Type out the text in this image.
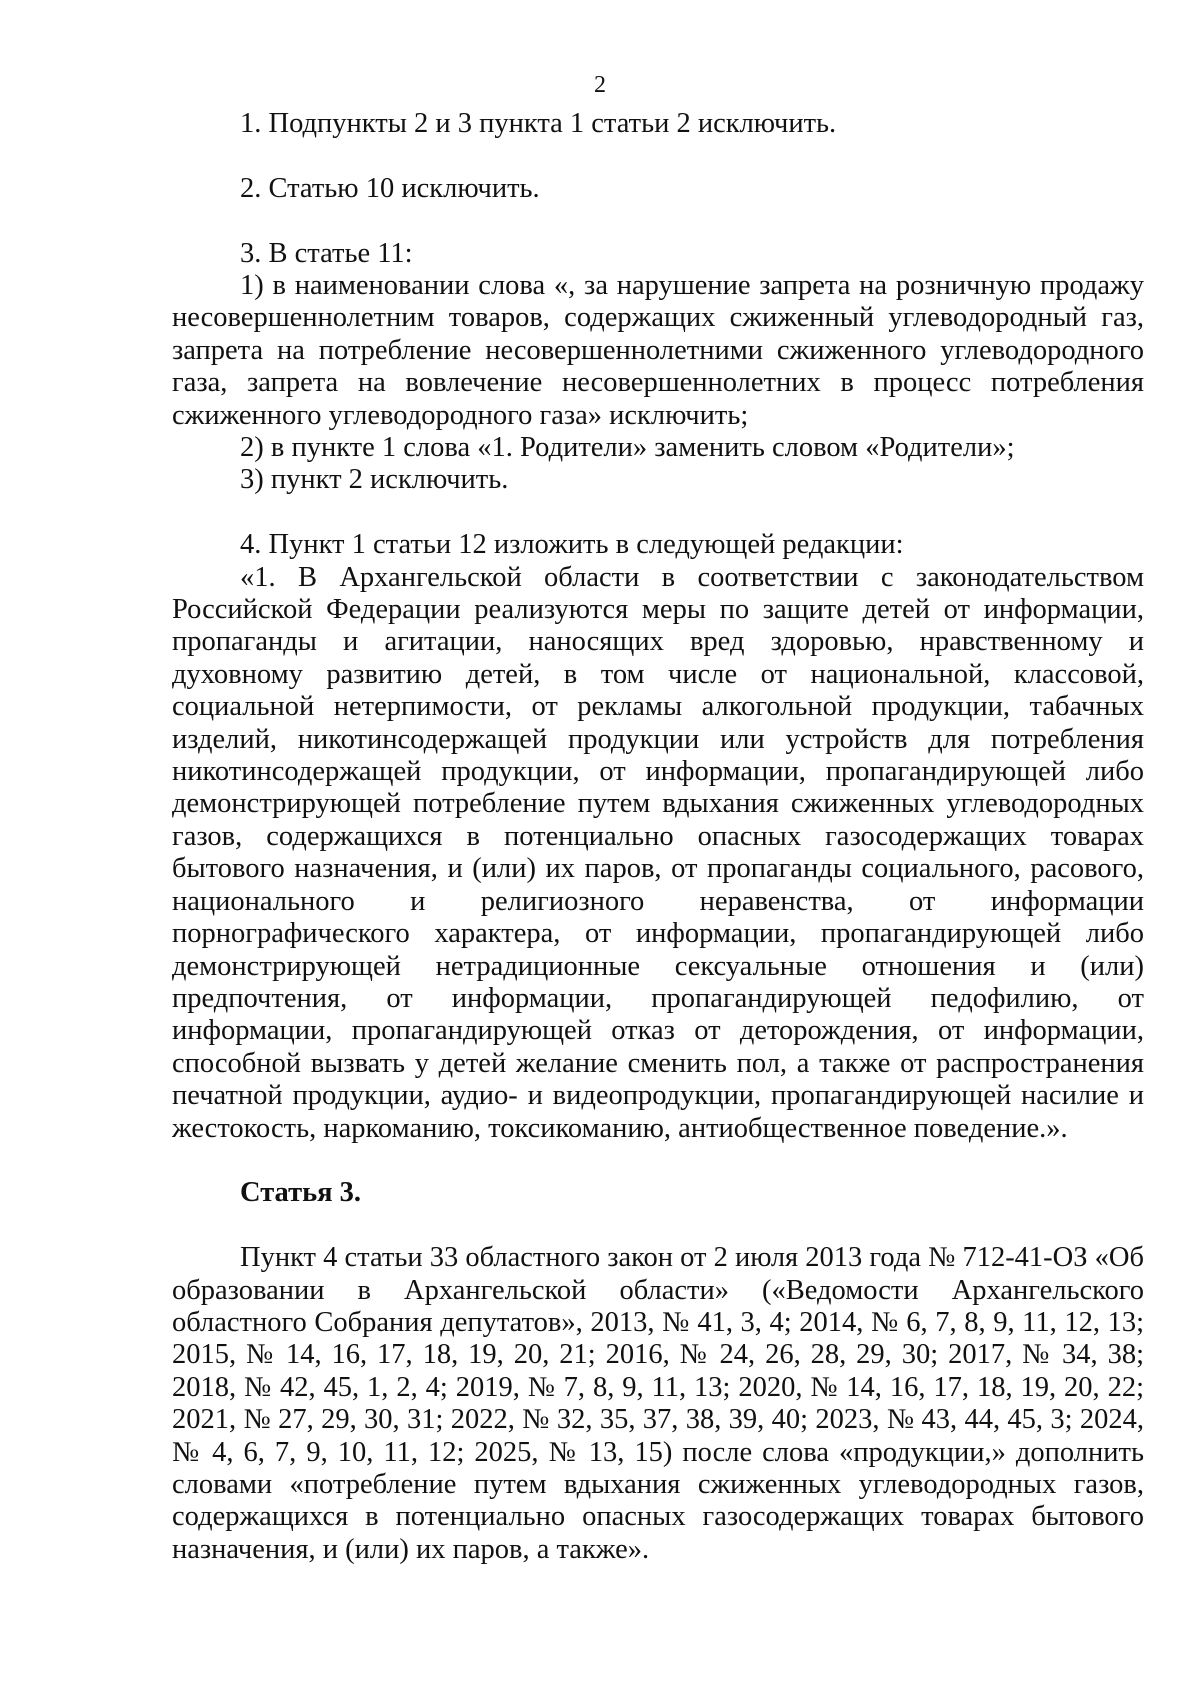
2

1. Подпункты 2 и 3 пункта 1 статьи 2 исключить.

2. Статью 10 исключить.

3. В статье 11:

1) в наименовании слова «, за нарушение запрета на розничную продажу несовершеннолетним товаров, содержащих сжиженный углеводородный газ, запрета на потребление несовершеннолетними сжиженного углеводородного газа, запрета на вовлечение несовершеннолетних в процесс потребления сжиженного углеводородного газа» исключить;

2) в пункте 1 слова «1. Родители» заменить словом «Родители»;

3) пункт 2 исключить.

4. Пункт 1 статьи 12 изложить в следующей редакции:

«1. В Архангельской области в соответствии с законодательством Российской Федерации реализуются меры по защите детей от информации, пропаганды и агитации, наносящих вред здоровью, нравственному и духовному развитию детей, в том числе от национальной, классовой, социальной нетерпимости, от рекламы алкогольной продукции, табачных изделий, никотинсодержащей продукции или устройств для потребления никотинсодержащей продукции, от информации, пропагандирующей либо демонстрирующей потребление путем вдыхания сжиженных углеводородных газов, содержащихся в потенциально опасных газосодержащих товарах бытового назначения, и (или) их паров, от пропаганды социального, расового, национального и религиозного неравенства, от информации порнографического характера, от информации, пропагандирующей либо демонстрирующей нетрадиционные сексуальные отношения и (или) предпочтения, от информации, пропагандирующей педофилию, от информации, пропагандирующей отказ от деторождения, от информации, способной вызвать у детей желание сменить пол, а также от распространения печатной продукции, аудио- и видеопродукции, пропагандирующей насилие и жестокость, наркоманию, токсикоманию, антиобщественное поведение.».

Статья 3.

Пункт 4 статьи 33 областного закон от 2 июля 2013 года № 712-41-ОЗ «Об образовании в Архангельской области» («Ведомости Архангельского областного Собрания депутатов», 2013, № 41, 3, 4; 2014, № 6, 7, 8, 9, 11, 12, 13; 2015, № 14, 16, 17, 18, 19, 20, 21; 2016, № 24, 26, 28, 29, 30; 2017, № 34, 38; 2018, № 42, 45, 1, 2, 4; 2019, № 7, 8, 9, 11, 13; 2020, № 14, 16, 17, 18, 19, 20, 22; 2021, № 27, 29, 30, 31; 2022, № 32, 35, 37, 38, 39, 40; 2023, № 43, 44, 45, 3; 2024, № 4, 6, 7, 9, 10, 11, 12; 2025, № 13, 15) после слова «продукции,» дополнить словами «потребление путем вдыхания сжиженных углеводородных газов, содержащихся в потенциально опасных газосодержащих товарах бытового назначения, и (или) их паров, а также».
